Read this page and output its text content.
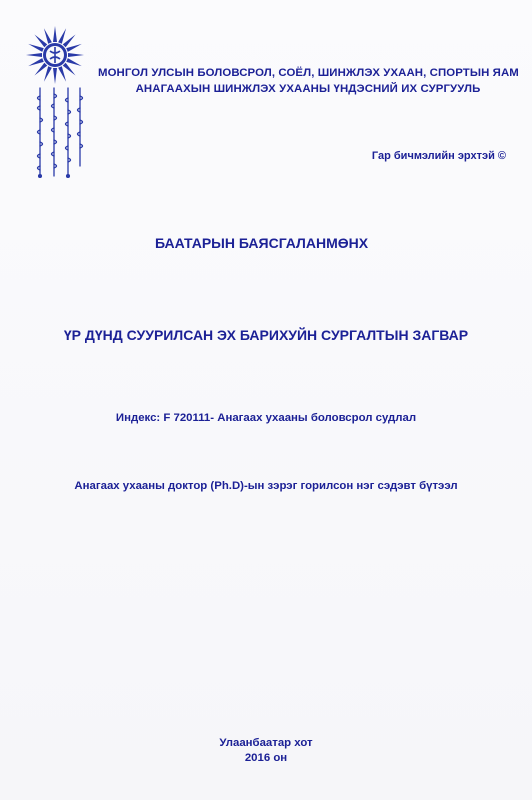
МОНГОЛ УЛСЫН БОЛОВСРОЛ, СОЁЛ, ШИНЖЛЭХ УХААН, СПОРТЫН ЯАМ
АНАГААХЫН ШИНЖЛЭХ УХААНЫ ҮНДЭСНИЙ ИХ СУРГУУЛЬ
Гар бичмэлийн эрхтэй ©
БААТАРЫН БАЯСГАЛАНМӨНХ
ҮР ДҮНД СУУРИЛСАН ЭХ БАРИХУЙН СУРГАЛТЫН ЗАГВАР
Индекс: F 720111- Анагаах ухааны боловсрол судлал
Анагаах ухааны доктор (Ph.D)-ын зэрэг горилсон нэг сэдэвт бүтээл
Улаанбаатар хот
2016 он
